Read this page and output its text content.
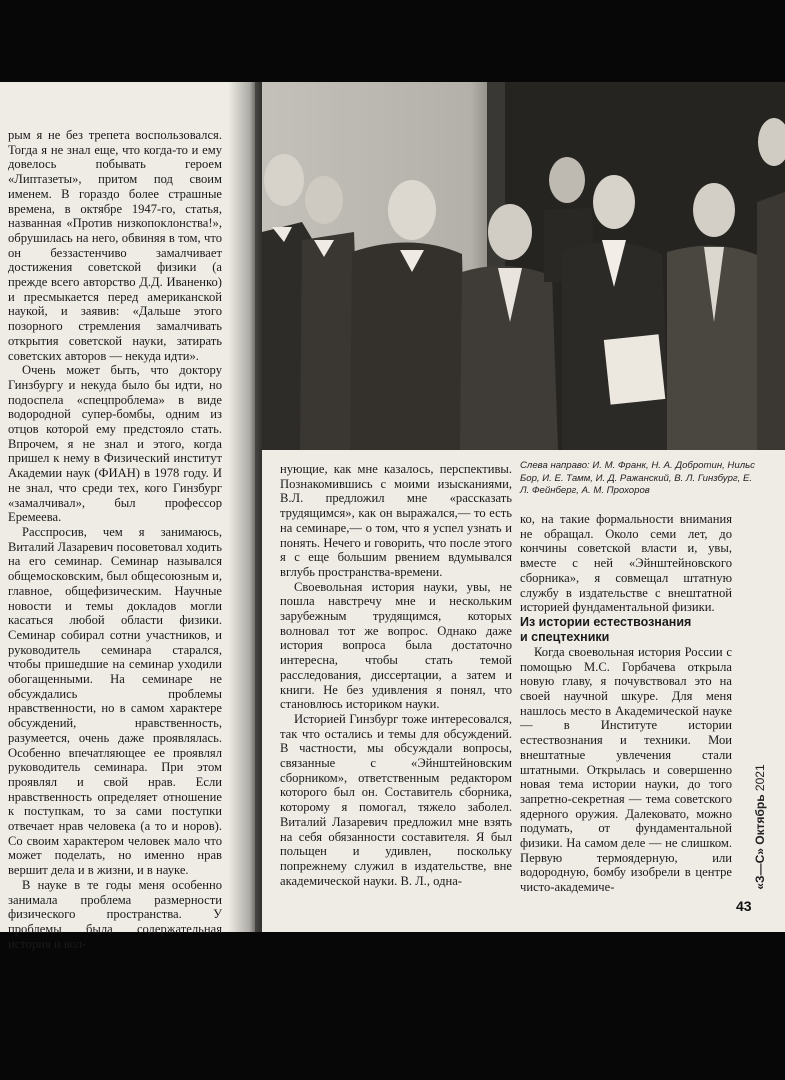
рым я не без трепета воспользовался. Тогда я не знал еще, что когда-то и ему довелось побывать героем «Липтазеты», притом под своим именем. В гораздо более страшные времена, в октябре 1947-го, статья, названная «Против низкопоклонства!», обрушилась на него, обвиняя в том, что он беззастенчиво замалчивает достижения советской физики (а прежде всего авторство Д.Д. Иваненко) и пресмыкается перед американской наукой, и заявив: «Дальше этого позорного стремления замалчивать открытия советской науки, затирать советских авторов — некуда идти».

Очень может быть, что доктору Гинзбургу и некуда было бы идти, но подоспела «спецпроблема» в виде водородной супер-бомбы, одним из отцов которой ему предстояло стать. Впрочем, я не знал и этого, когда пришел к нему в Физический институт Академии наук (ФИАН) в 1978 году. И не знал, что среди тех, кого Гинзбург «замалчивал», был профессор Еремеева.

Расспросив, чем я занимаюсь, Виталий Лазаревич посоветовал ходить на его семинар. Семинар назывался общемосковским, был общесоюзным и, главное, общефизическим. Научные новости и темы докладов могли касаться любой области физики. Семинар собирал сотни участников, и руководитель семинара старался, чтобы пришедшие на семинар уходили обогащенными. На семинаре не обсуждались проблемы нравственности, но в самом характере обсуждений, нравственность, разумеется, очень даже проявлялась. Особенно впечатляющее ее проявлял руководитель семинара. При этом проявлял и свой нрав. Если нравственность определяет отношение к поступкам, то за сами поступки отвечает нрав человека (а то и норов). Со своим характером человек мало что может поделать, но именно нрав вершит дела и в жизни, и в науке.

В науке в те годы меня особенно занимала проблема размерности физического пространства. У проблемы была содержательная история и вол-

Слева направо: И. М. Франк, Н. А. Добротин, Нильс Бор, И. Е. Тамм, И. Д. Ражанский, В. Л. Гинзбург, Е. Л. Фейнберг, А. М. Прохоров

нующие, как мне казалось, перспективы. Познакомившись с моими изысканиями, В.Л. предложил мне «рассказать трудящимся», как он выражался,— то есть на семинаре,— о том, что я успел узнать и понять. Нечего и говорить, что после этого я с еще большим рвением вдумывался вглубь пространства-времени.

Своевольная история науки, увы, не пошла навстречу мне и нескольким зарубежным трудящимся, которых волновал тот же вопрос. Однако даже история вопроса была достаточно интересна, чтобы стать темой расследования, диссертации, а затем и книги. Не без удивления я понял, что становлюсь историком науки.

Историей Гинзбург тоже интересовался, так что остались и темы для обсуждений. В частности, мы обсуждали вопросы, связанные с «Эйнштейновским сборником», ответственным редактором которого был он. Составитель сборника, которому я помогал, тяжело заболел. Виталий Лазаревич предложил мне взять на себя обязанности составителя. Я был польщен и удивлен, поскольку попрежнему служил в издательстве, вне академической науки. В. Л., одна-

ко, на такие формальности внимания не обращал. Около семи лет, до кончины советской власти и, увы, вместе с ней «Эйнштейновского сборника», я совмещал штатную службу в издательстве с внештатной историей фундаментальной физики.

Из истории естествознания
и спецтехники

Когда своевольная история России с помощью М.С. Горбачева открыла новую главу, я почувствовал это на своей научной шкуре. Для меня нашлось место в Академической науке — в Институте истории естествознания и техники. Мои внештатные увлечения стали штатными. Открылась и совершенно новая тема истории науки, до того запретно-секретная — тема советского ядерного оружия. Далековато, можно подумать, от фундаментальной физики. На самом деле — не слишком. Первую термоядерную, или водородную, бомбу изобрели в центре чисто-академиче-	«З—С» Октябрь 2021
43
